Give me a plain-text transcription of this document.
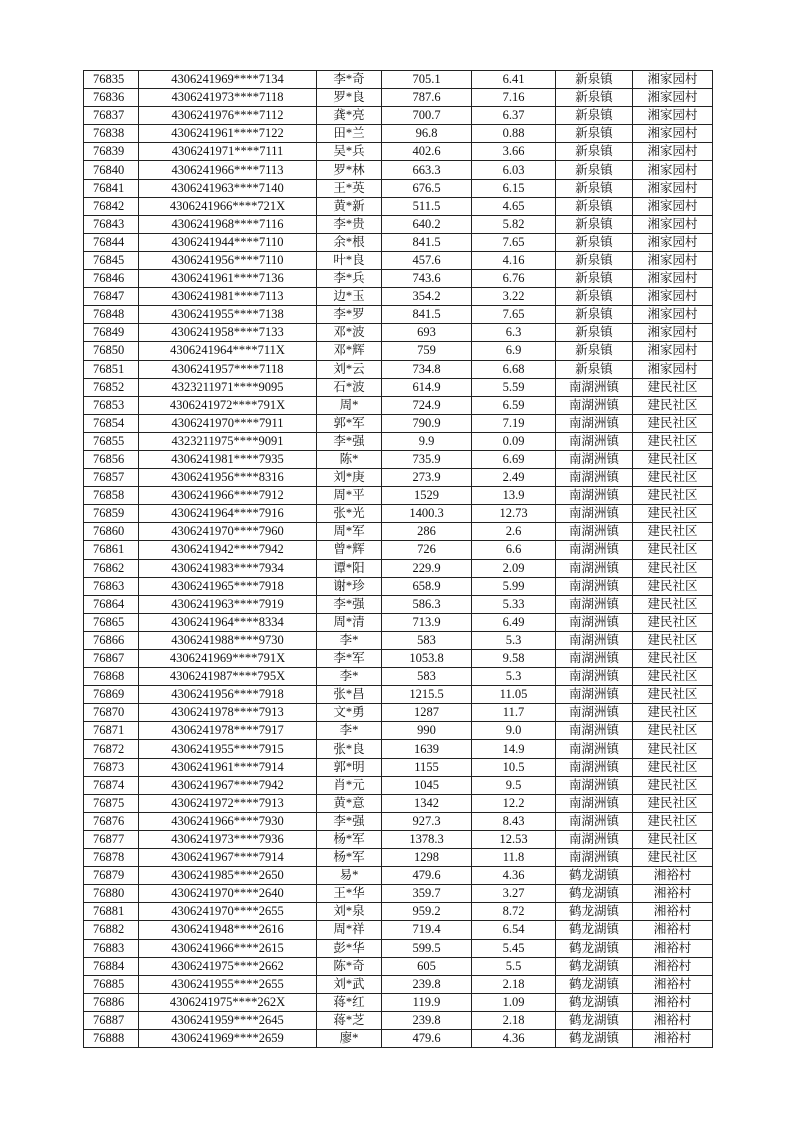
76835	4306241969****7134	李*奇	705.1	6.41	新泉镇	湘家园村
76836	4306241973****7118	罗*良	787.6	7.16	新泉镇	湘家园村
76837	4306241976****7112	龚*亮	700.7	6.37	新泉镇	湘家园村
76838	4306241961****7122	田*兰	96.8	0.88	新泉镇	湘家园村
76839	4306241971****7111	吴*兵	402.6	3.66	新泉镇	湘家园村
76840	4306241966****7113	罗*林	663.3	6.03	新泉镇	湘家园村
76841	4306241963****7140	王*英	676.5	6.15	新泉镇	湘家园村
76842	4306241966****721X	黄*新	511.5	4.65	新泉镇	湘家园村
76843	4306241968****7116	李*贵	640.2	5.82	新泉镇	湘家园村
76844	4306241944****7110	余*根	841.5	7.65	新泉镇	湘家园村
76845	4306241956****7110	叶*良	457.6	4.16	新泉镇	湘家园村
76846	4306241961****7136	李*兵	743.6	6.76	新泉镇	湘家园村
76847	4306241981****7113	边*玉	354.2	3.22	新泉镇	湘家园村
76848	4306241955****7138	李*罗	841.5	7.65	新泉镇	湘家园村
76849	4306241958****7133	邓*波	693	6.3	新泉镇	湘家园村
76850	4306241964****711X	邓*辉	759	6.9	新泉镇	湘家园村
76851	4306241957****7118	刘*云	734.8	6.68	新泉镇	湘家园村
76852	4323211971****9095	石*波	614.9	5.59	南湖洲镇	建民社区
76853	4306241972****791X	周*	724.9	6.59	南湖洲镇	建民社区
76854	4306241970****7911	郭*军	790.9	7.19	南湖洲镇	建民社区
76855	4323211975****9091	李*强	9.9	0.09	南湖洲镇	建民社区
76856	4306241981****7935	陈*	735.9	6.69	南湖洲镇	建民社区
76857	4306241956****8316	刘*庚	273.9	2.49	南湖洲镇	建民社区
76858	4306241966****7912	周*平	1529	13.9	南湖洲镇	建民社区
76859	4306241964****7916	张*光	1400.3	12.73	南湖洲镇	建民社区
76860	4306241970****7960	周*军	286	2.6	南湖洲镇	建民社区
76861	4306241942****7942	曾*辉	726	6.6	南湖洲镇	建民社区
76862	4306241983****7934	谭*阳	229.9	2.09	南湖洲镇	建民社区
76863	4306241965****7918	谢*珍	658.9	5.99	南湖洲镇	建民社区
76864	4306241963****7919	李*强	586.3	5.33	南湖洲镇	建民社区
76865	4306241964****8334	周*清	713.9	6.49	南湖洲镇	建民社区
76866	4306241988****9730	李*	583	5.3	南湖洲镇	建民社区
76867	4306241969****791X	李*军	1053.8	9.58	南湖洲镇	建民社区
76868	4306241987****795X	李*	583	5.3	南湖洲镇	建民社区
76869	4306241956****7918	张*昌	1215.5	11.05	南湖洲镇	建民社区
76870	4306241978****7913	文*勇	1287	11.7	南湖洲镇	建民社区
76871	4306241978****7917	李*	990	9.0	南湖洲镇	建民社区
76872	4306241955****7915	张*良	1639	14.9	南湖洲镇	建民社区
76873	4306241961****7914	郭*明	1155	10.5	南湖洲镇	建民社区
76874	4306241967****7942	肖*元	1045	9.5	南湖洲镇	建民社区
76875	4306241972****7913	黄*意	1342	12.2	南湖洲镇	建民社区
76876	4306241966****7930	李*强	927.3	8.43	南湖洲镇	建民社区
76877	4306241973****7936	杨*军	1378.3	12.53	南湖洲镇	建民社区
76878	4306241967****7914	杨*军	1298	11.8	南湖洲镇	建民社区
76879	4306241985****2650	易*	479.6	4.36	鹤龙湖镇	湘裕村
76880	4306241970****2640	王*华	359.7	3.27	鹤龙湖镇	湘裕村
76881	4306241970****2655	刘*泉	959.2	8.72	鹤龙湖镇	湘裕村
76882	4306241948****2616	周*祥	719.4	6.54	鹤龙湖镇	湘裕村
76883	4306241966****2615	彭*华	599.5	5.45	鹤龙湖镇	湘裕村
76884	4306241975****2662	陈*奇	605	5.5	鹤龙湖镇	湘裕村
76885	4306241955****2655	刘*武	239.8	2.18	鹤龙湖镇	湘裕村
76886	4306241975****262X	蒋*红	119.9	1.09	鹤龙湖镇	湘裕村
76887	4306241959****2645	蒋*芝	239.8	2.18	鹤龙湖镇	湘裕村
76888	4306241969****2659	廖*	479.6	4.36	鹤龙湖镇	湘裕村
